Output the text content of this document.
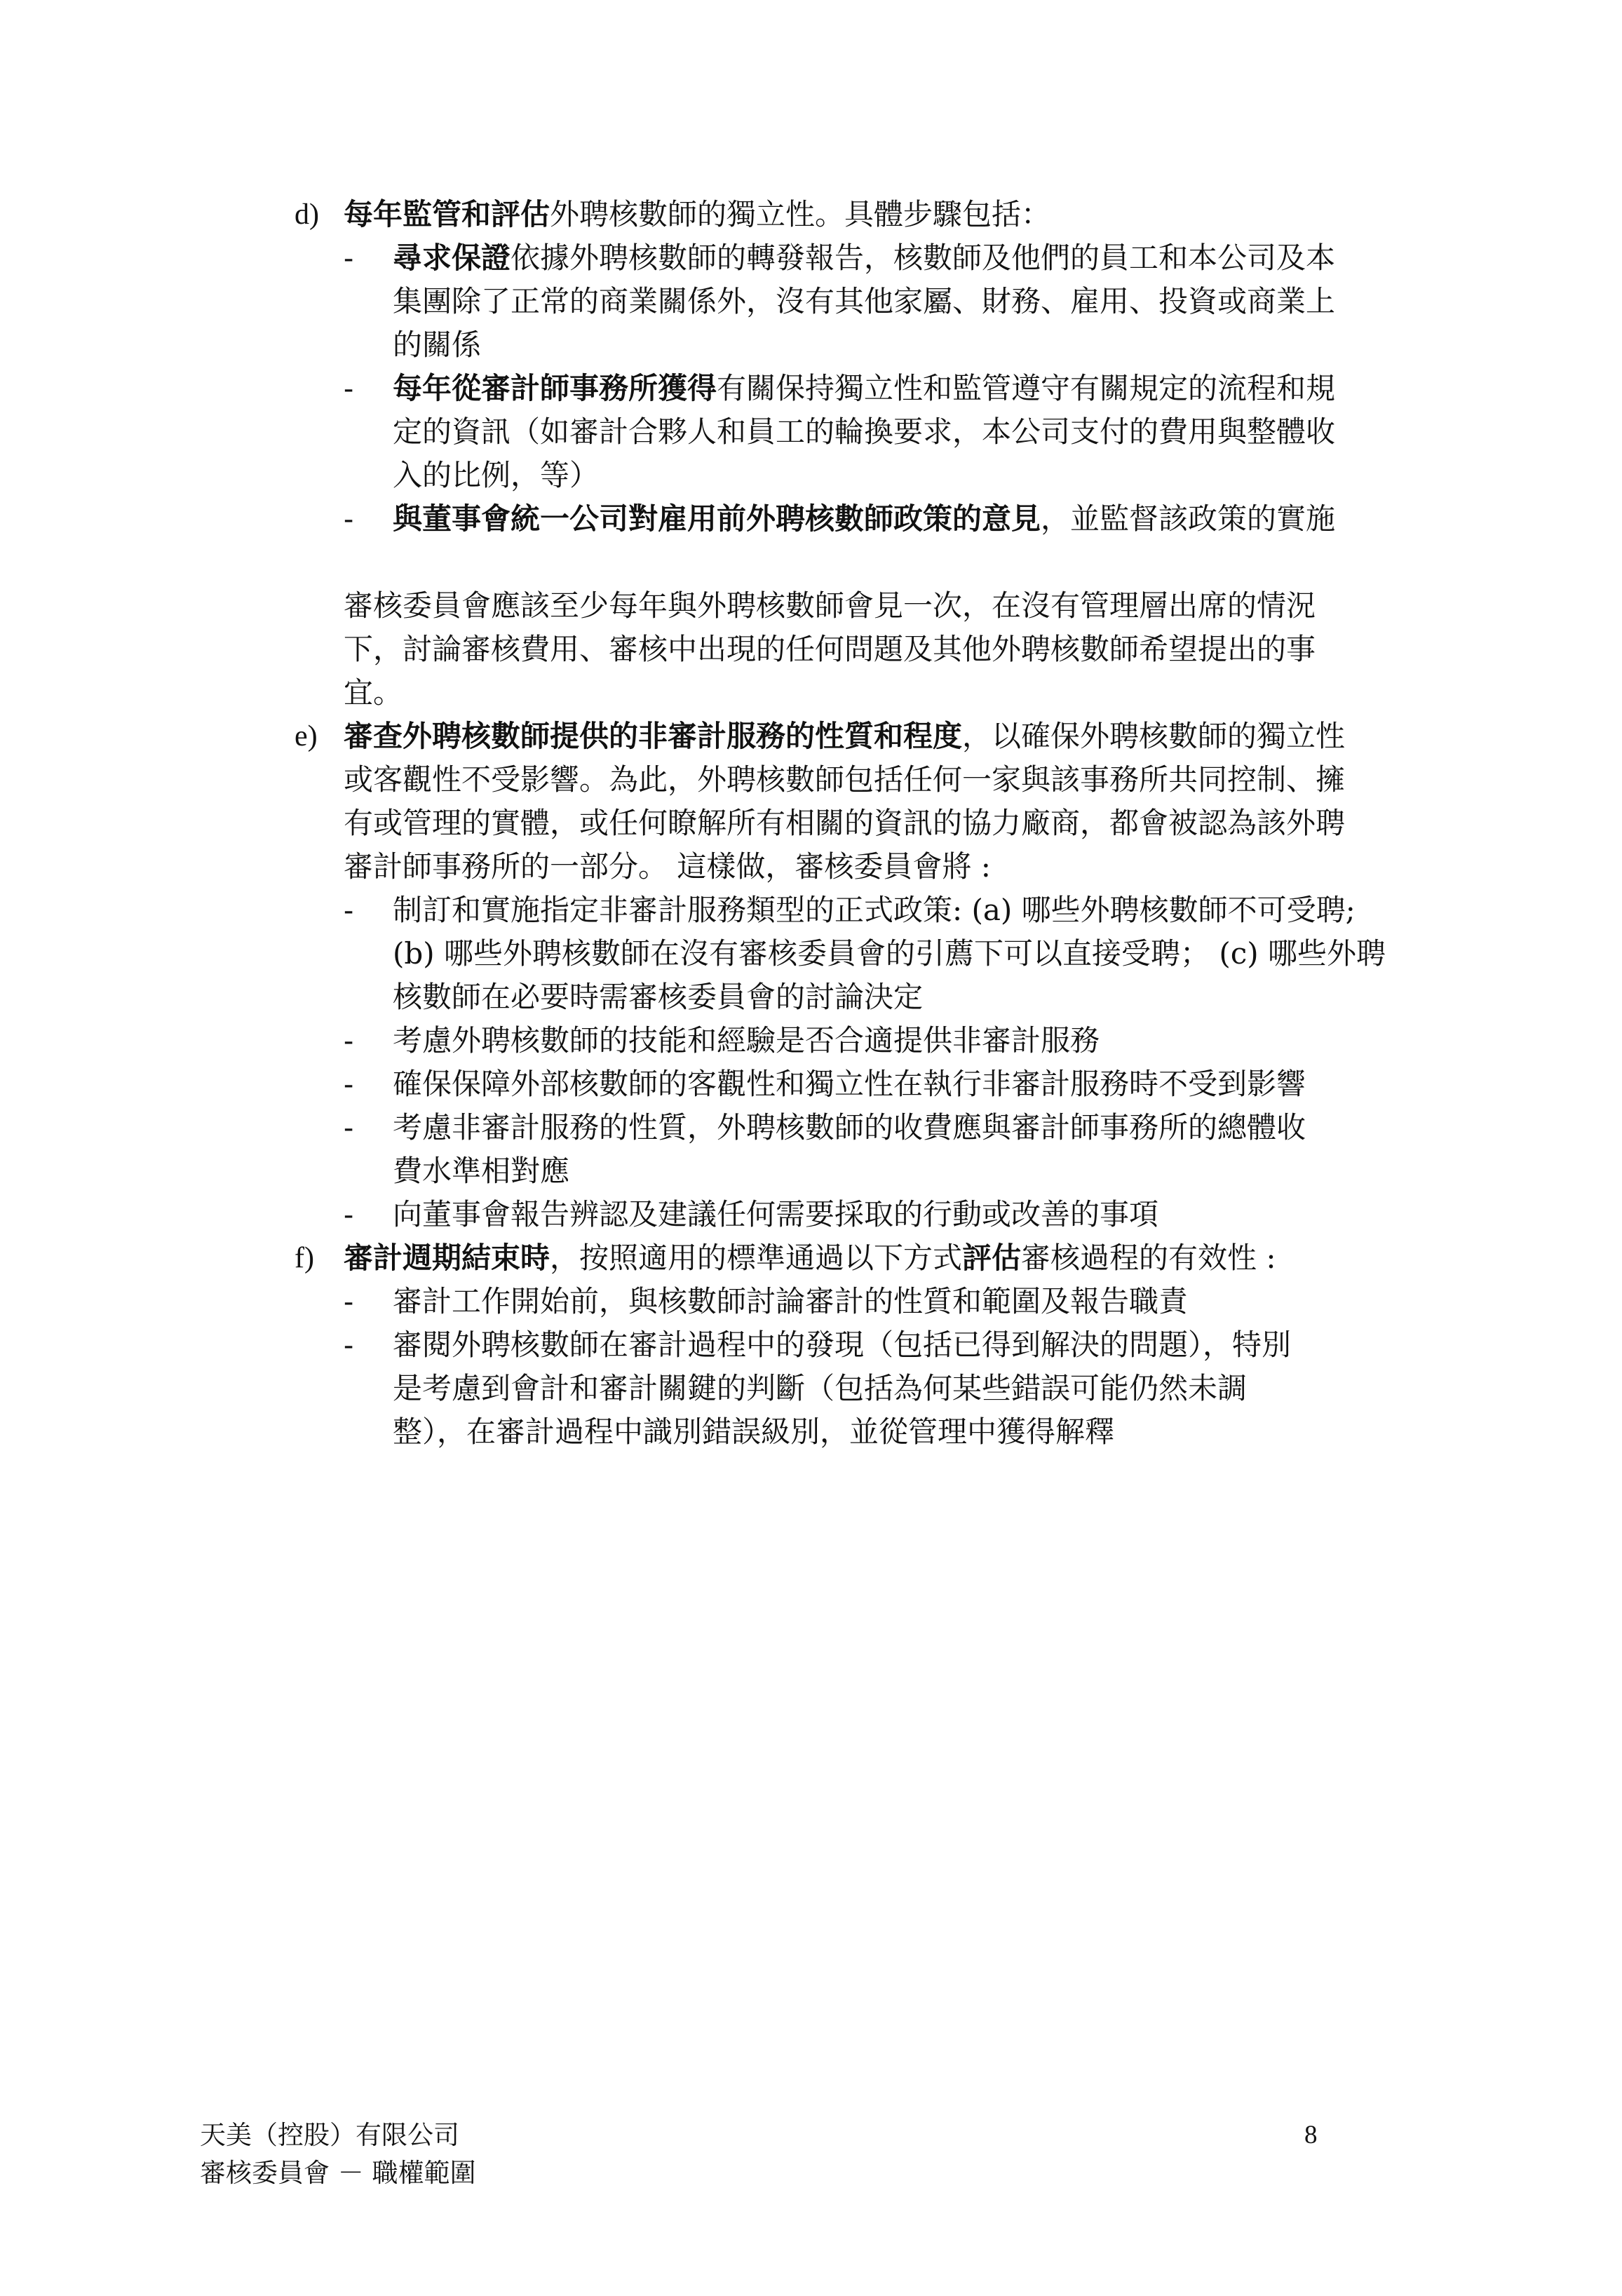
d) 每年監管和評估外聘核數師的獨立性。具體步驟包括：
- 尋求保證依據外聘核數師的轉發報告，核數師及他們的員工和本公司及本
集團除了正常的商業關係外，沒有其他家屬、財務、雇用、投資或商業上
的關係
- 每年從審計師事務所獲得有關保持獨立性和監管遵守有關規定的流程和規
定的資訊（如審計合夥人和員工的輪換要求，本公司支付的費用與整體收
入的比例，等）
- 與董事會統一公司對雇用前外聘核數師政策的意見，並監督該政策的實施
審核委員會應該至少每年與外聘核數師會見一次，在沒有管理層出席的情況
下，討論審核費用、審核中出現的任何問題及其他外聘核數師希望提出的事
宜。
e) 審查外聘核數師提供的非審計服務的性質和程度，以確保外聘核數師的獨立性
或客觀性不受影響。為此，外聘核數師包括任何一家與該事務所共同控制、擁
有或管理的實體，或任何瞭解所有相關的資訊的協力廠商，都會被認為該外聘
審計師事務所的一部分。 這樣做，審核委員會將 :
- 制訂和實施指定非審計服務類型的正式政策: (a) 哪些外聘核數師不可受聘;
(b) 哪些外聘核數師在沒有審核委員會的引薦下可以直接受聘； (c) 哪些外聘
核數師在必要時需審核委員會的討論決定
- 考慮外聘核數師的技能和經驗是否合適提供非審計服務
- 確保保障外部核數師的客觀性和獨立性在執行非審計服務時不受到影響
- 考慮非審計服務的性質，外聘核數師的收費應與審計師事務所的總體收
費水準相對應
- 向董事會報告辨認及建議任何需要採取的行動或改善的事項
f) 審計週期結束時，按照適用的標準通過以下方式評估審核過程的有效性 :
- 審計工作開始前，與核數師討論審計的性質和範圍及報告職責
- 審閱外聘核數師在審計過程中的發現（包括已得到解決的問題），特別
是考慮到會計和審計關鍵的判斷（包括為何某些錯誤可能仍然未調
整），在審計過程中識別錯誤級別，並從管理中獲得解釋
天美（控股）有限公司
審核委員會 － 職權範圍
8
